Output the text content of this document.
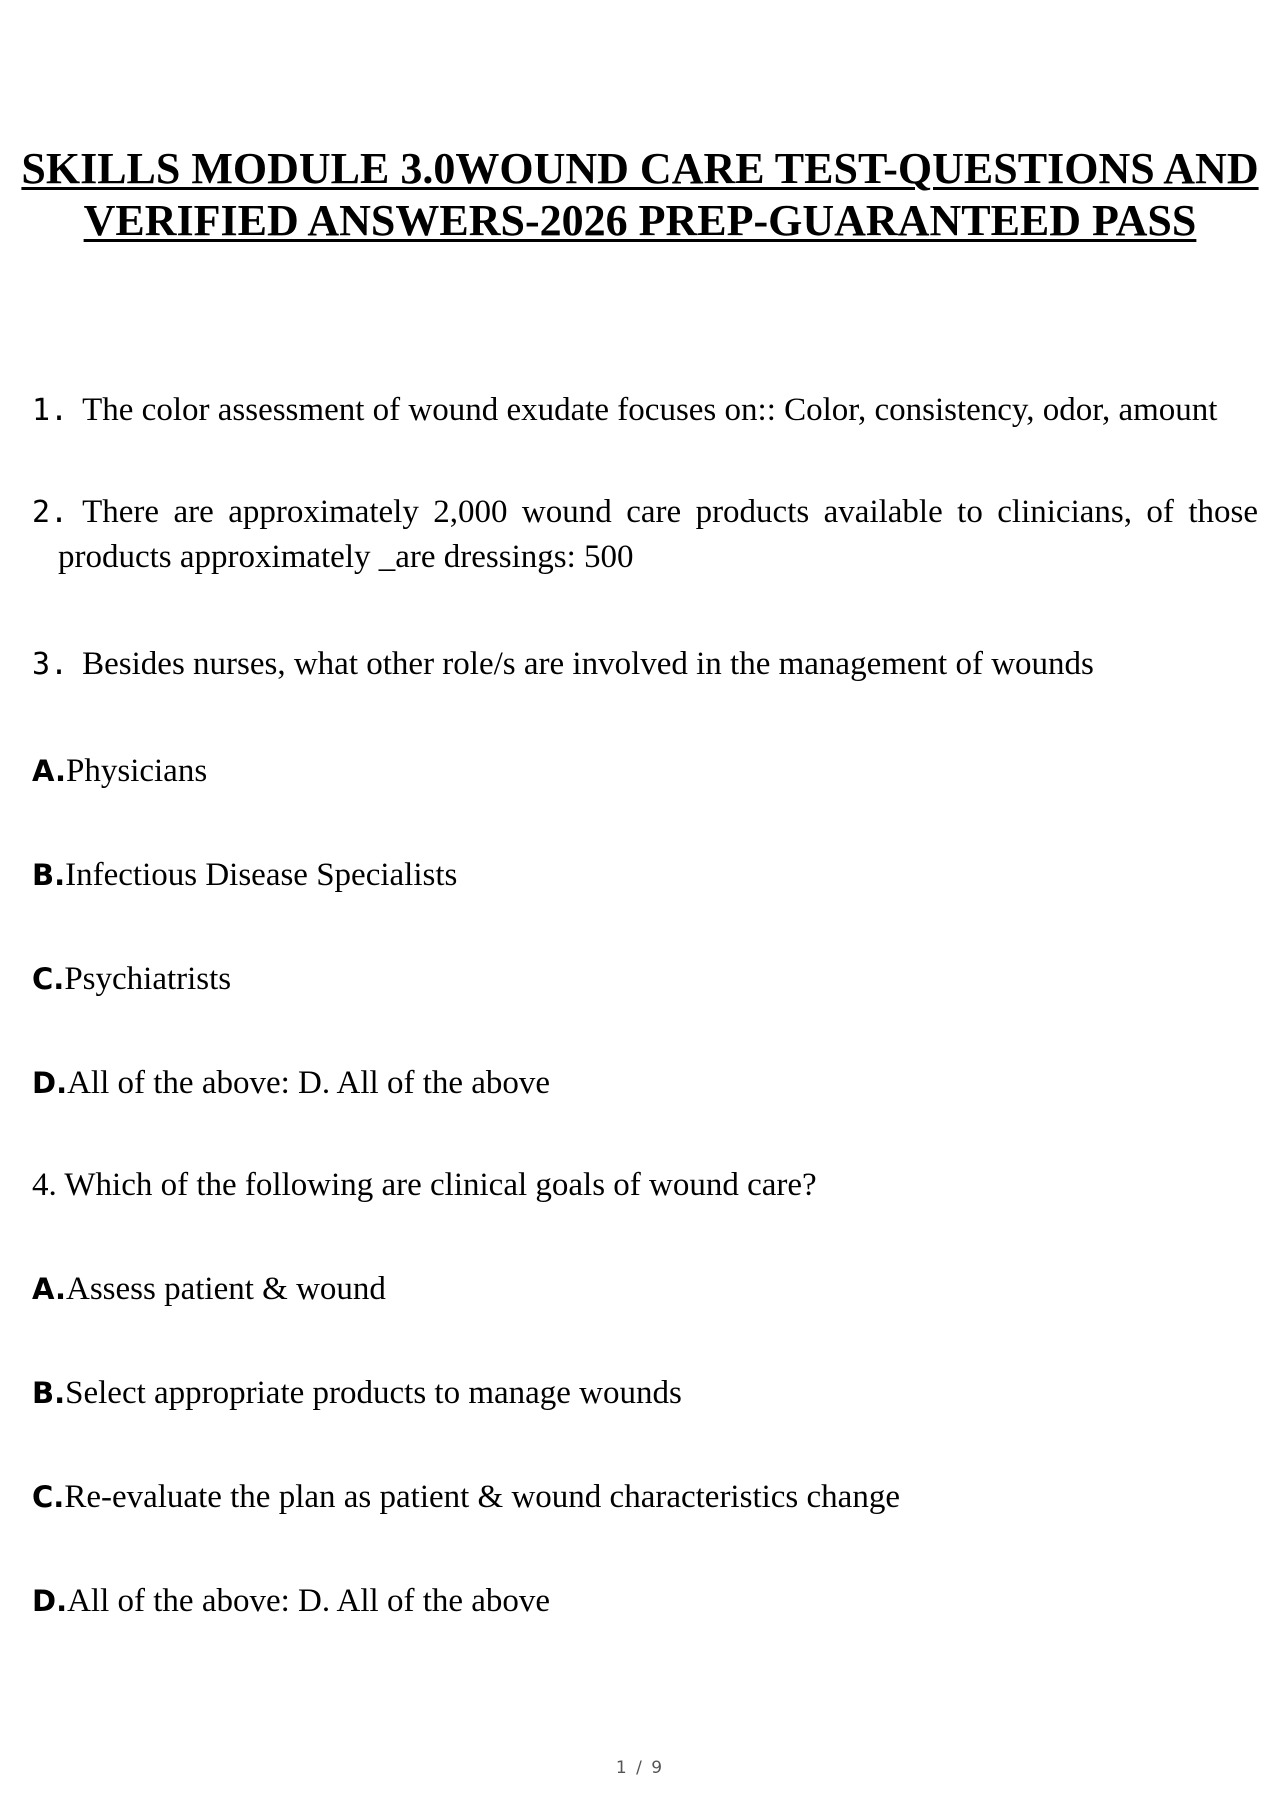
SKILLS MODULE 3.0WOUND CARE TEST-QUESTIONS AND
VERIFIED ANSWERS-2026 PREP-GUARANTEED PASS
1. The color assessment of wound exudate focuses on:: Color, consistency, odor, amount
2. There are approximately 2,000 wound care products available to clinicians, of those
products approximately _are dressings: 500
3. Besides nurses, what other role/s are involved in the management of wounds
A.Physicians
B.Infectious Disease Specialists
C.Psychiatrists
D.All of the above: D. All of the above
4. Which of the following are clinical goals of wound care?
A.Assess patient & wound
B.Select appropriate products to manage wounds
C.Re-evaluate the plan as patient & wound characteristics change
D.All of the above: D. All of the above
1 / 9
